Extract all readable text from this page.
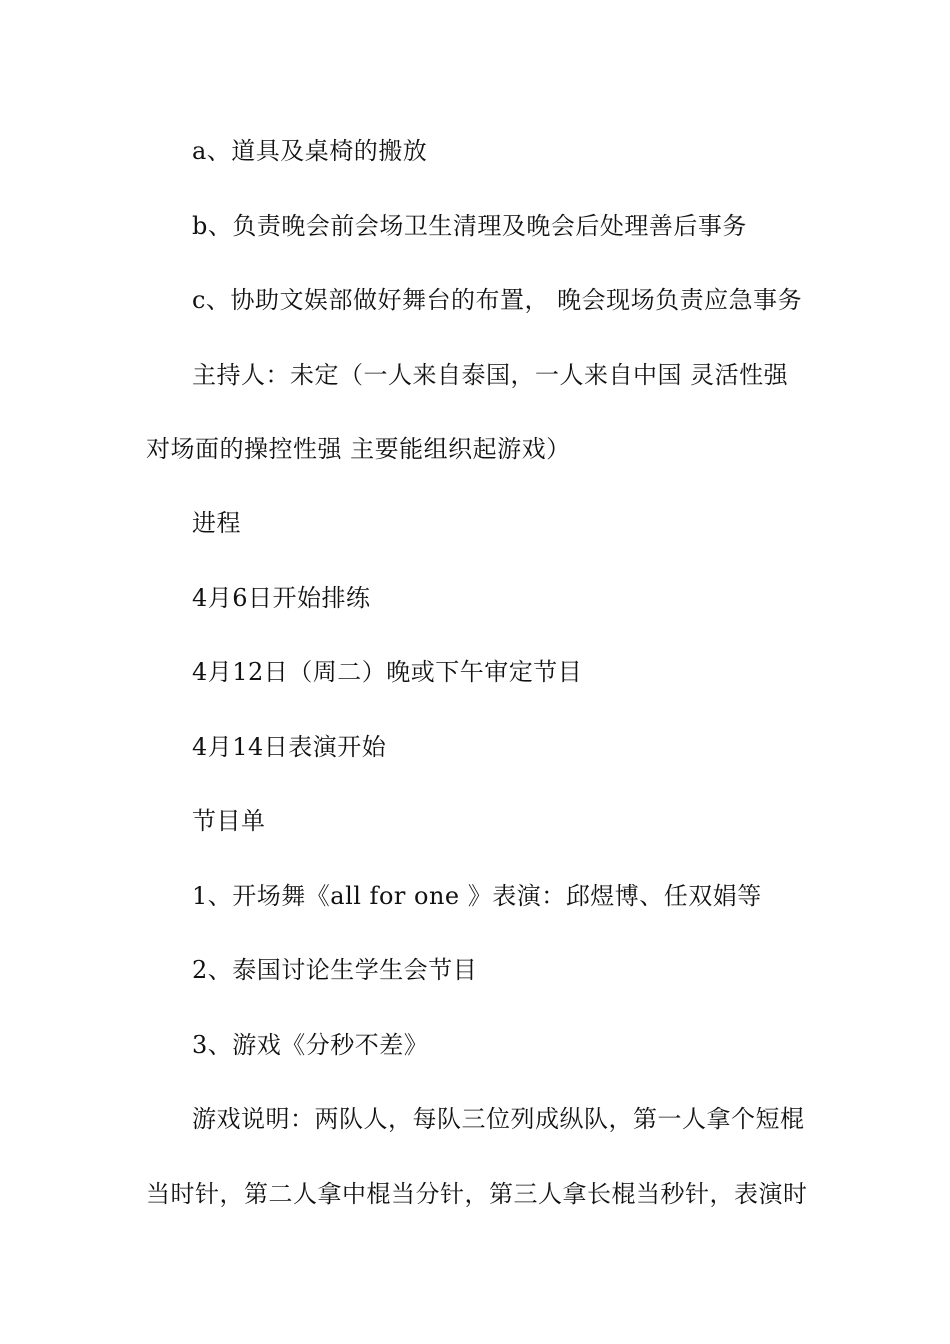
a、道具及桌椅的搬放
b、负责晚会前会场卫生清理及晚会后处理善后事务
c、协助文娱部做好舞台的布置， 晚会现场负责应急事务
主持人：未定（一人来自泰国，一人来自中国 灵活性强
对场面的操控性强 主要能组织起游戏）
进程
4月6日开始排练
4月12日（周二）晚或下午审定节目
4月14日表演开始
节目单
1、开场舞《all for one 》表演：邱煜博、任双娟等
2、泰国讨论生学生会节目
3、游戏《分秒不差》
游戏说明：两队人，每队三位列成纵队，第一人拿个短棍
当时针，第二人拿中棍当分针，第三人拿长棍当秒针，表演时
